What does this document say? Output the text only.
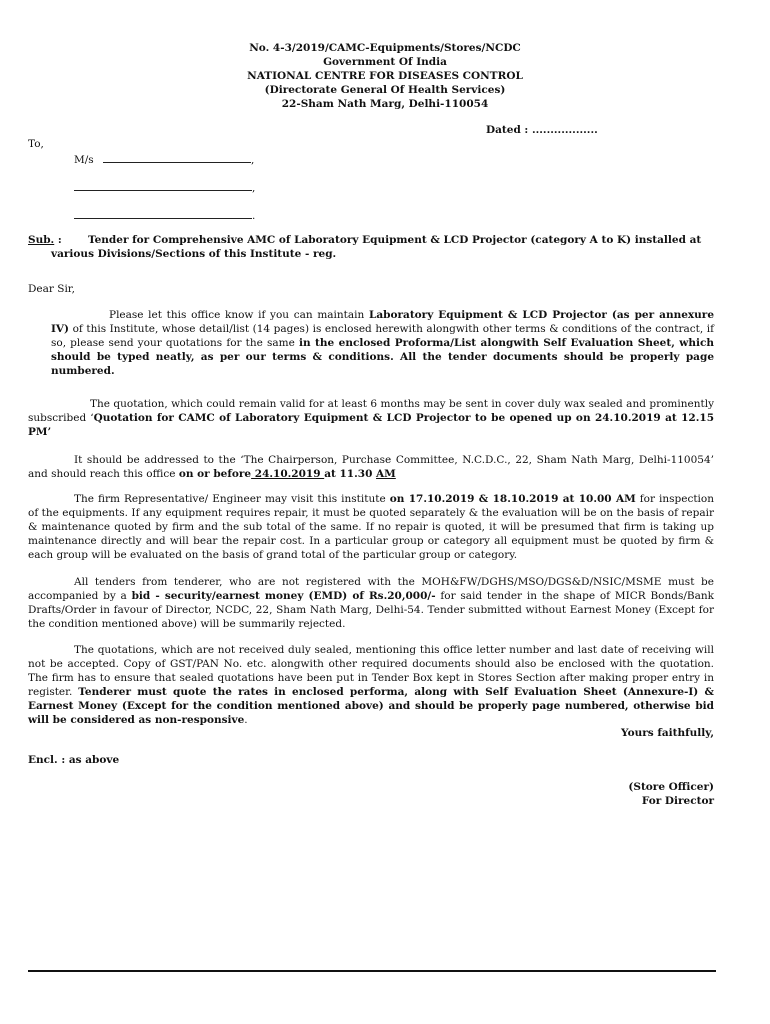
No. 4-3/2019/CAMC-Equipments/Stores/NCDC
Government Of India
NATIONAL CENTRE FOR DISEASES CONTROL
(Directorate General Of Health Services)
22-Sham Nath Marg, Delhi-110054
Dated : ..................
To,
M/s	,
,
.
Sub. : Tender for Comprehensive AMC of Laboratory Equipment & LCD Projector (category A to K) installed at
various Divisions/Sections of this Institute - reg.
Dear Sir,

Please let this office know if you can maintain Laboratory Equipment & LCD Projector (as per annexure IV) of this Institute, whose detail/list (14 pages) is enclosed herewith alongwith other terms & conditions of the contract, if so, please send your quotations for the same in the enclosed Proforma/List alongwith Self Evaluation Sheet, which should be typed neatly, as per our terms & conditions. All the tender documents should be properly page numbered.

The quotation, which could remain valid for at least 6 months may be sent in cover duly wax sealed and prominently subscribed ‘Quotation for CAMC of Laboratory Equipment & LCD Projector to be opened up on 24.10.2019 at 12.15 PM’

It should be addressed to the ‘The Chairperson, Purchase Committee, N.C.D.C., 22, Sham Nath Marg, Delhi-110054’ and should reach this office on or before 24.10.2019 at 11.30 AM

The firm Representative/ Engineer may visit this institute on 17.10.2019 & 18.10.2019 at 10.00 AM for inspection of the equipments. If any equipment requires repair, it must be quoted separately & the evaluation will be on the basis of repair & maintenance quoted by firm and the sub total of the same. If no repair is quoted, it will be presumed that firm is taking up maintenance directly and will bear the repair cost. In a particular group or category all equipment must be quoted by firm & each group will be evaluated on the basis of grand total of the particular group or category.

All tenders from tenderer, who are not registered with the MOH&FW/DGHS/MSO/DGS&D/NSIC/MSME must be accompanied by a bid - security/earnest money (EMD) of Rs.20,000/- for said tender in the shape of MICR Bonds/Bank Drafts/Order in favour of Director, NCDC, 22, Sham Nath Marg, Delhi-54. Tender submitted without Earnest Money (Except for the condition mentioned above) will be summarily rejected.

The quotations, which are not received duly sealed, mentioning this office letter number and last date of receiving will not be accepted. Copy of GST/PAN No. etc. alongwith other required documents should also be enclosed with the quotation. The firm has to ensure that sealed quotations have been put in Tender Box kept in Stores Section after making proper entry in register. Tenderer must quote the rates in enclosed performa, along with Self Evaluation Sheet (Annexure-I) & Earnest Money (Except for the condition mentioned above) and should be properly page numbered, otherwise bid will be considered as non-responsive.

Yours faithfully,
Encl. : as above
(Store Officer)
For Director
